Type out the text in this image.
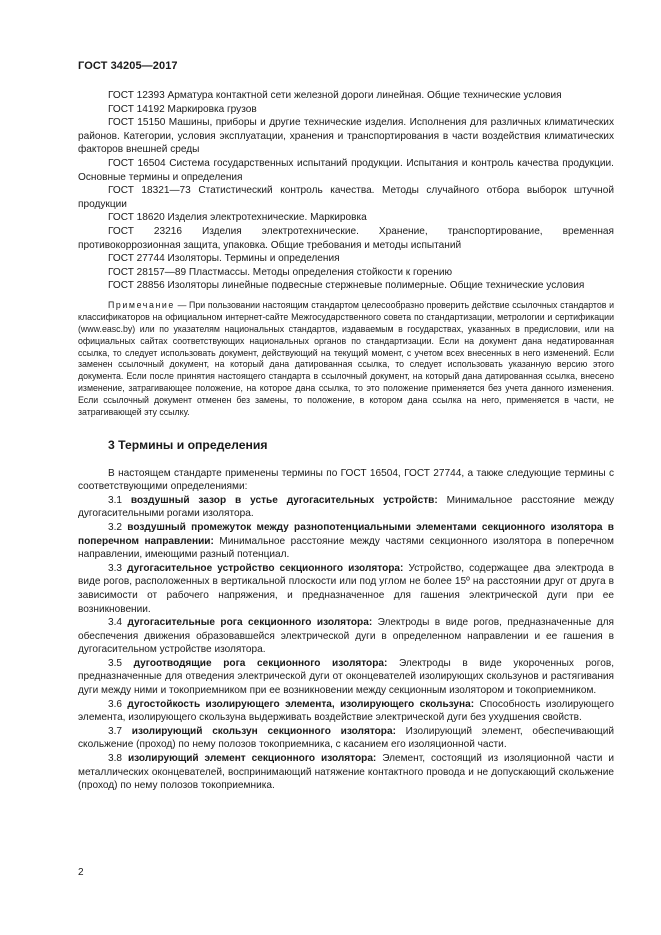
ГОСТ 34205—2017

ГОСТ 12393 Арматура контактной сети железной дороги линейная. Общие технические условия

ГОСТ 14192 Маркировка грузов

ГОСТ 15150 Машины, приборы и другие технические изделия. Исполнения для различных климатических районов. Категории, условия эксплуатации, хранения и транспортирования в части воздействия климатических факторов внешней среды

ГОСТ 16504 Система государственных испытаний продукции. Испытания и контроль качества продукции. Основные термины и определения

ГОСТ 18321—73 Статистический контроль качества. Методы случайного отбора выборок штучной продукции

ГОСТ 18620 Изделия электротехнические. Маркировка

ГОСТ 23216 Изделия электротехнические. Хранение, транспортирование, временная противокоррозионная защита, упаковка. Общие требования и методы испытаний

ГОСТ 27744 Изоляторы. Термины и определения

ГОСТ 28157—89 Пластмассы. Методы определения стойкости к горению

ГОСТ 28856 Изоляторы линейные подвесные стержневые полимерные. Общие технические условия

Примечание — При пользовании настоящим стандартом целесообразно проверить действие ссылочных стандартов и классификаторов на официальном интернет-сайте Межгосударственного совета по стандартизации, метрологии и сертификации (www.easc.by) или по указателям национальных стандартов, издаваемым в государствах, указанных в предисловии, или на официальных сайтах соответствующих национальных органов по стандартизации. Если на документ дана недатированная ссылка, то следует использовать документ, действующий на текущий момент, с учетом всех внесенных в него изменений. Если заменен ссылочный документ, на который дана датированная ссылка, то следует использовать указанную версию этого документа. Если после принятия настоящего стандарта в ссылочный документ, на который дана датированная ссылка, внесено изменение, затрагивающее положение, на которое дана ссылка, то это положение применяется без учета данного изменения. Если ссылочный документ отменен без замены, то положение, в котором дана ссылка на него, применяется в части, не затрагивающей эту ссылку.

3 Термины и определения

В настоящем стандарте применены термины по ГОСТ 16504, ГОСТ 27744, а также следующие термины с соответствующими определениями:

3.1 воздушный зазор в устье дугогасительных устройств: Минимальное расстояние между дугогасительными рогами изолятора.

3.2 воздушный промежуток между разнопотенциальными элементами секционного изолятора в поперечном направлении: Минимальное расстояние между частями секционного изолятора в поперечном направлении, имеющими разный потенциал.

3.3 дугогасительное устройство секционного изолятора: Устройство, содержащее два электрода в виде рогов, расположенных в вертикальной плоскости или под углом не более 15º на расстоянии друг от друга в зависимости от рабочего напряжения, и предназначенное для гашения электрической дуги при ее возникновении.

3.4 дугогасительные рога секционного изолятора: Электроды в виде рогов, предназначенные для обеспечения движения образовавшейся электрической дуги в определенном направлении и ее гашения в дугогасительном устройстве изолятора.

3.5 дугоотводящие рога секционного изолятора: Электроды в виде укороченных рогов, предназначенные для отведения электрической дуги от оконцевателей изолирующих скользунов и растягивания дуги между ними и токоприемником при ее возникновении между секционным изолятором и токоприемником.

3.6 дугостойкость изолирующего элемента, изолирующего скользуна: Способность изолирующего элемента, изолирующего скользуна выдерживать воздействие электрической дуги без ухудшения свойств.

3.7 изолирующий скользун секционного изолятора: Изолирующий элемент, обеспечивающий скольжение (проход) по нему полозов токоприемника, с касанием его изоляционной части.

3.8 изолирующий элемент секционного изолятора: Элемент, состоящий из изоляционной части и металлических оконцевателей, воспринимающий натяжение контактного провода и не допускающий скольжение (проход) по нему полозов токоприемника.

2
